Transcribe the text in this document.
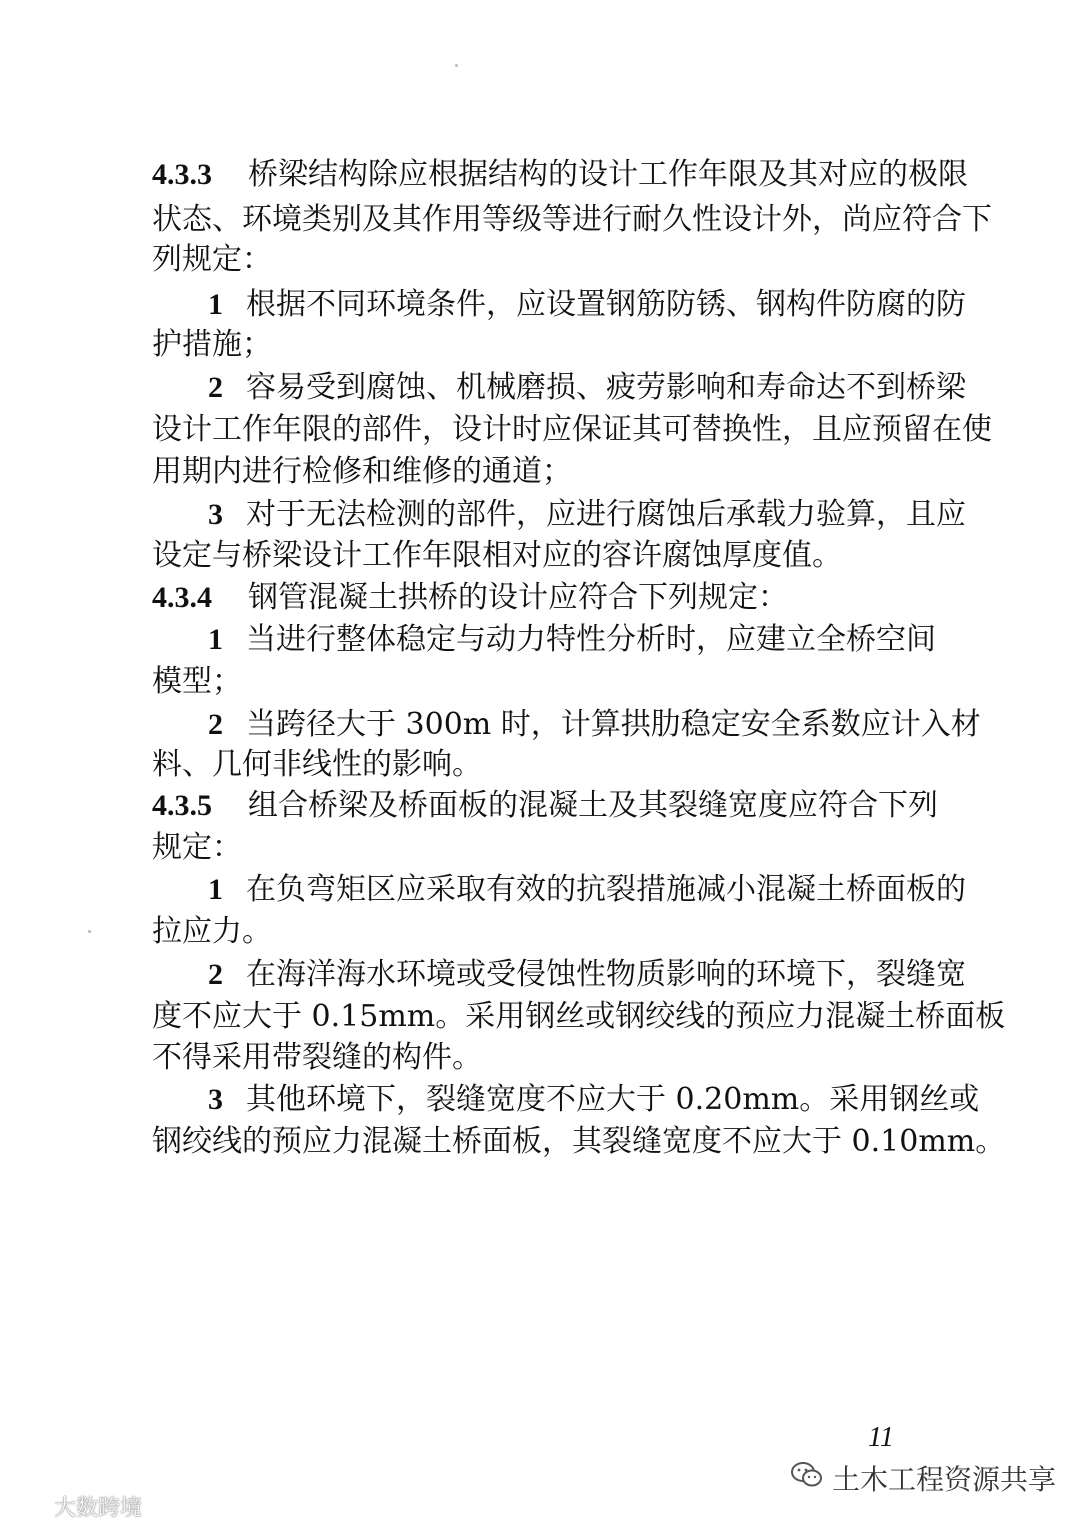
4.3.3 桥梁结构除应根据结构的设计工作年限及其对应的极限
状态、环境类别及其作用等级等进行耐久性设计外，尚应符合下
列规定：
1 根据不同环境条件，应设置钢筋防锈、钢构件防腐的防
护措施；
2 容易受到腐蚀、机械磨损、疲劳影响和寿命达不到桥梁
设计工作年限的部件，设计时应保证其可替换性，且应预留在使
用期内进行检修和维修的通道；
3 对于无法检测的部件，应进行腐蚀后承载力验算，且应
设定与桥梁设计工作年限相对应的容许腐蚀厚度值。
4.3.4 钢管混凝土拱桥的设计应符合下列规定：
1 当进行整体稳定与动力特性分析时，应建立全桥空间
模型；
2 当跨径大于 300m 时，计算拱肋稳定安全系数应计入材
料、几何非线性的影响。
4.3.5 组合桥梁及桥面板的混凝土及其裂缝宽度应符合下列
规定：
1 在负弯矩区应采取有效的抗裂措施减小混凝土桥面板的
拉应力。
2 在海洋海水环境或受侵蚀性物质影响的环境下，裂缝宽
度不应大于 0.15mm。采用钢丝或钢绞线的预应力混凝土桥面板
不得采用带裂缝的构件。
3 其他环境下，裂缝宽度不应大于 0.20mm。采用钢丝或
钢绞线的预应力混凝土桥面板，其裂缝宽度不应大于 0.10mm。
11
土木工程资源共享
大数跨境
